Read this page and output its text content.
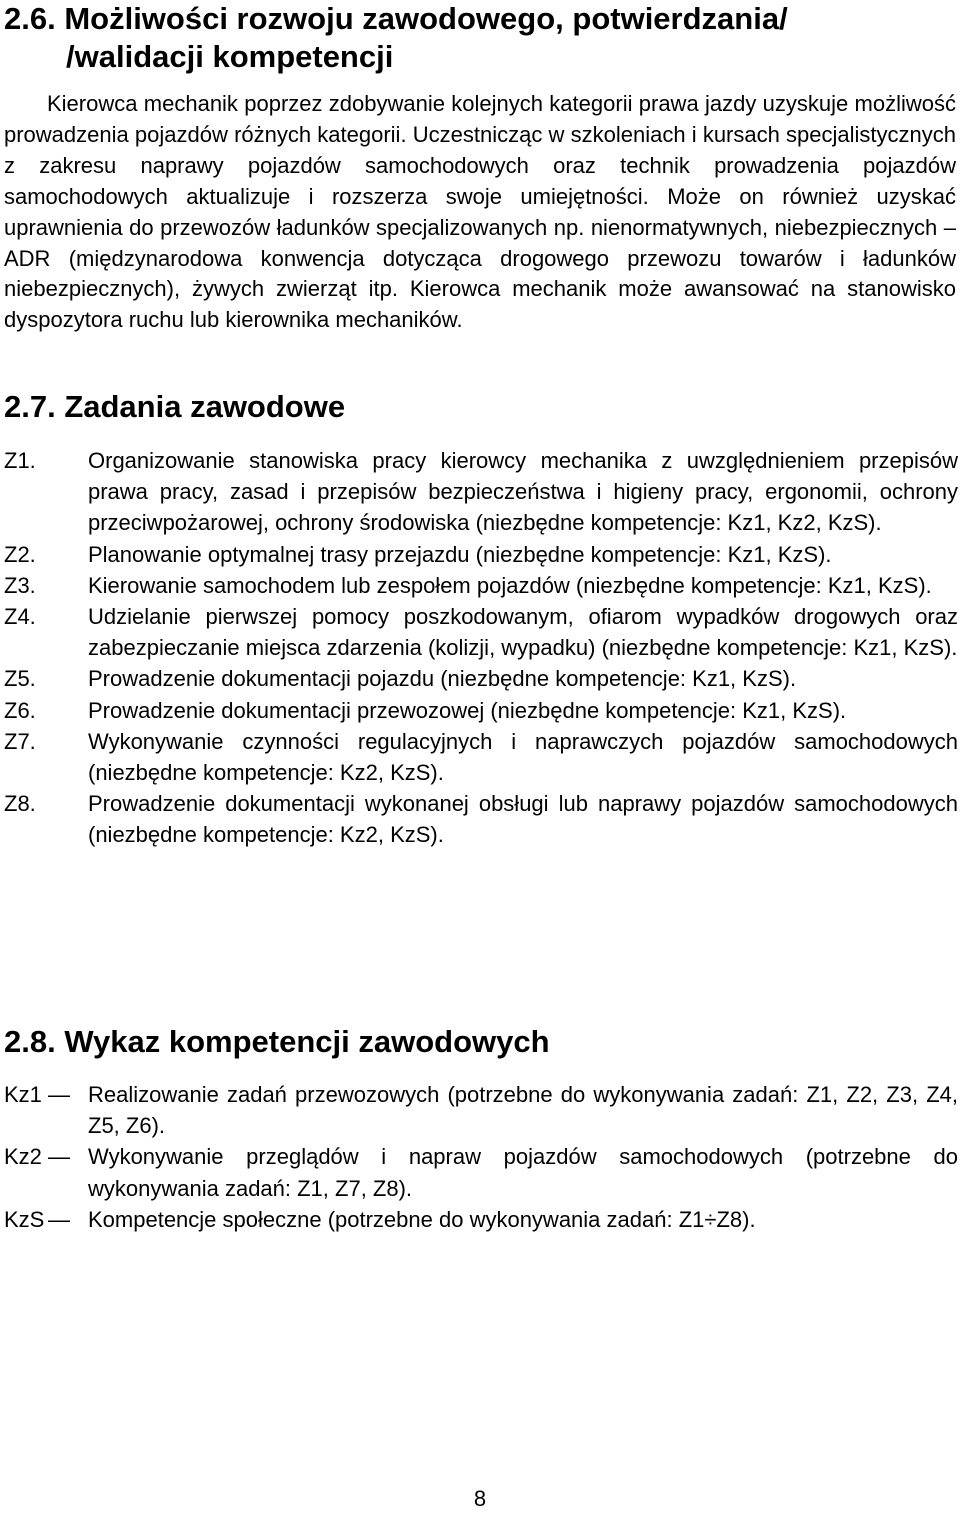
2.6. Możliwości rozwoju zawodowego, potwierdzania/
/walidacji kompetencji

Kierowca mechanik poprzez zdobywanie kolejnych kategorii prawa jazdy uzyskuje możliwość prowadzenia pojazdów różnych kategorii. Uczestnicząc w szkoleniach i kursach specjalistycznych z zakresu naprawy pojazdów samochodowych oraz technik prowadzenia pojazdów samochodowych aktualizuje i rozszerza swoje umiejętności. Może on również uzyskać uprawnienia do przewozów ładunków specjalizowanych np. nienormatywnych, niebezpiecznych – ADR (międzynarodowa konwencja dotycząca drogowego przewozu towarów i ładunków niebezpiecznych), żywych zwierząt itp. Kierowca mechanik może awansować na stanowisko dyspozytora ruchu lub kierownika mechaników.

2.7. Zadania zawodowe
Z1.	Organizowanie stanowiska pracy kierowcy mechanika z uwzględnieniem przepisów prawa pracy, zasad i przepisów bezpieczeństwa i higieny pracy, ergonomii, ochrony przeciwpożarowej, ochrony środowiska (niezbędne kompetencje: Kz1, Kz2, KzS).
Z2.	Planowanie optymalnej trasy przejazdu (niezbędne kompetencje: Kz1, KzS).
Z3.	Kierowanie samochodem lub zespołem pojazdów (niezbędne kompetencje: Kz1, KzS).
Z4.	Udzielanie pierwszej pomocy poszkodowanym, ofiarom wypadków drogowych oraz zabezpieczanie miejsca zdarzenia (kolizji, wypadku) (niezbędne kompetencje: Kz1, KzS).
Z5.	Prowadzenie dokumentacji pojazdu (niezbędne kompetencje: Kz1, KzS).
Z6.	Prowadzenie dokumentacji przewozowej (niezbędne kompetencje: Kz1, KzS).
Z7.	Wykonywanie czynności regulacyjnych i naprawczych pojazdów samochodowych (niezbędne kompetencje: Kz2, KzS).
Z8.	Prowadzenie dokumentacji wykonanej obsługi lub naprawy pojazdów samochodowych (niezbędne kompetencje: Kz2, KzS).
2.8. Wykaz kompetencji zawodowych
Kz1 — Realizowanie zadań przewozowych (potrzebne do wykonywania zadań: Z1, Z2, Z3, Z4, Z5, Z6).
Kz2 — Wykonywanie przeglądów i napraw pojazdów samochodowych (potrzebne do wykonywania zadań: Z1, Z7, Z8).
KzS — Kompetencje społeczne (potrzebne do wykonywania zadań: Z1÷Z8).
8
